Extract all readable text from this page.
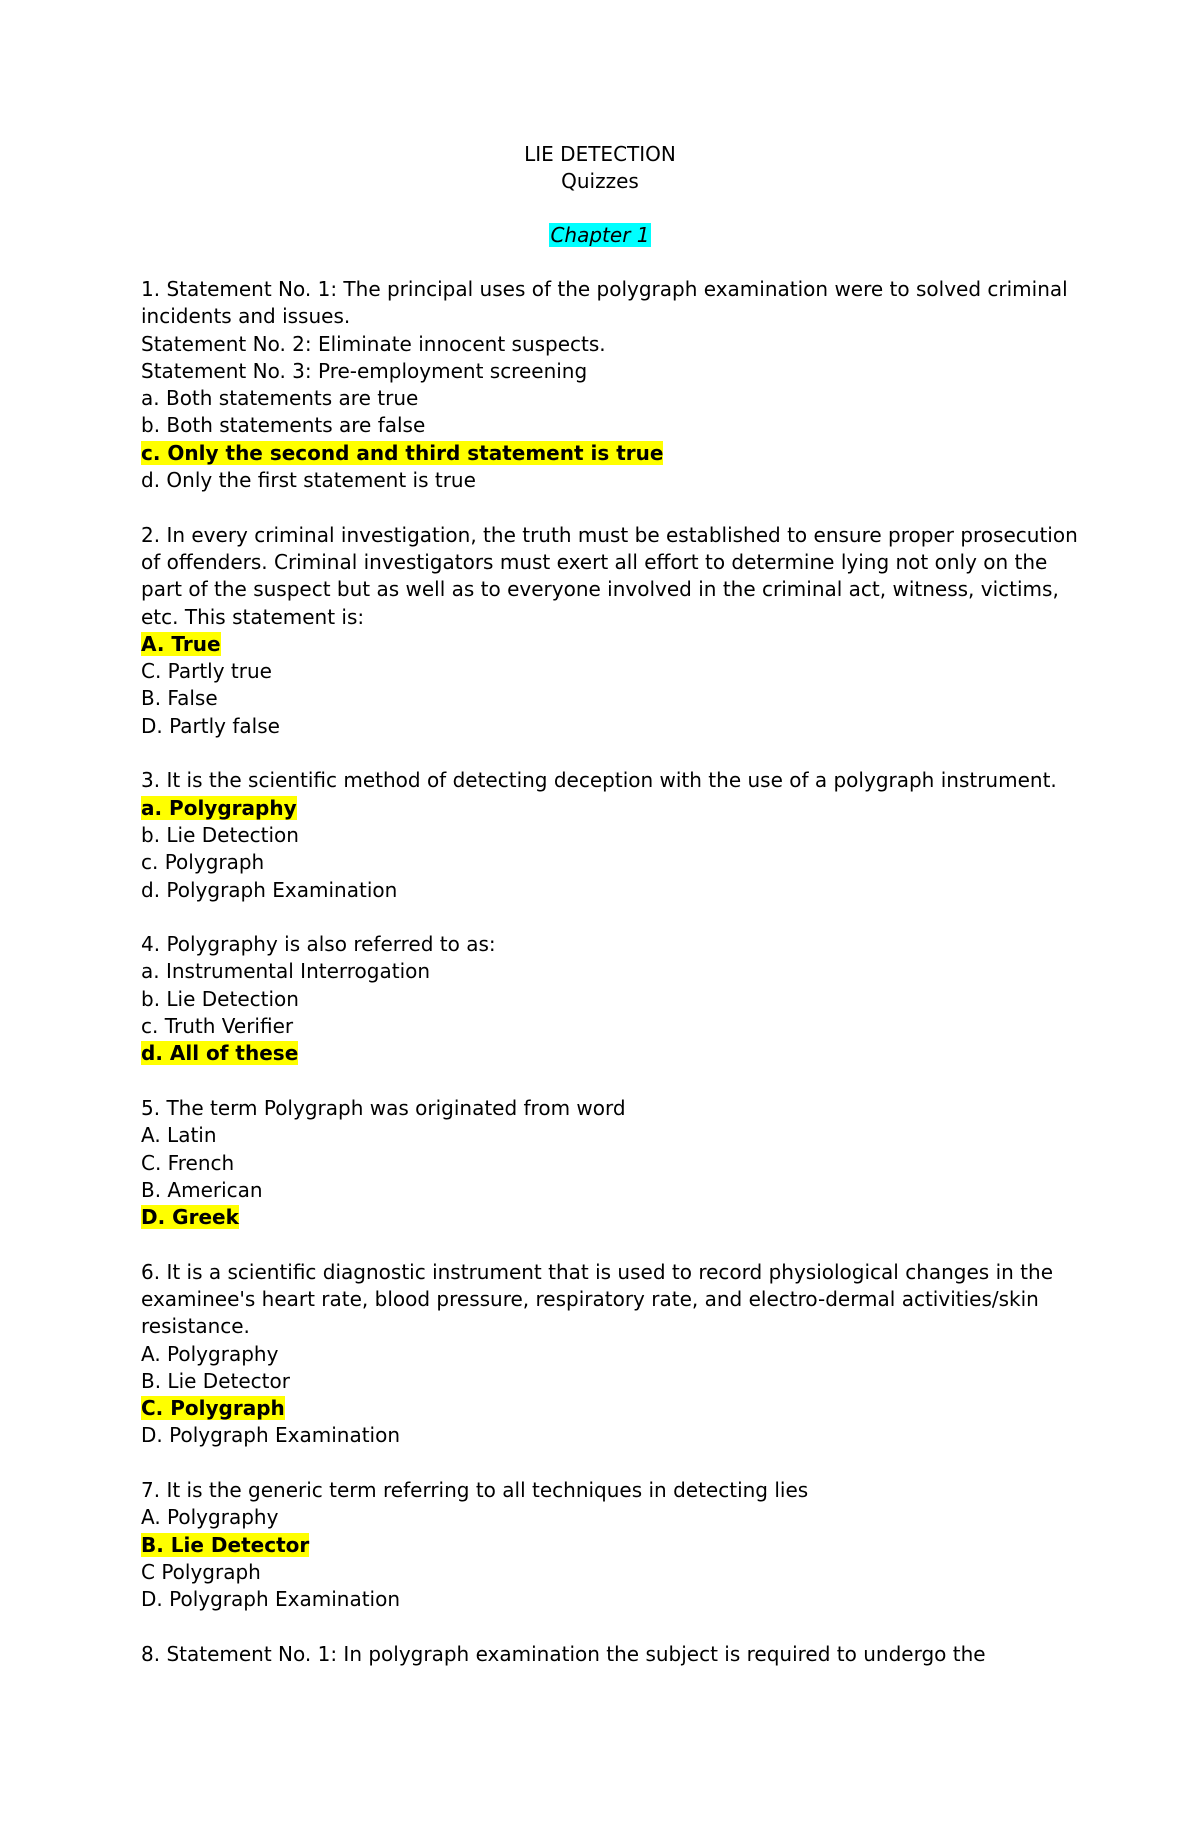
LIE DETECTION
Quizzes
Chapter 1
1. Statement No. 1: The principal uses of the polygraph examination were to solved criminal incidents and issues.
Statement No. 2: Eliminate innocent suspects.
Statement No. 3: Pre-employment screening
a. Both statements are true
b. Both statements are false
c. Only the second and third statement is true
d. Only the first statement is true
2. In every criminal investigation, the truth must be established to ensure proper prosecution of offenders. Criminal investigators must exert all effort to determine lying not only on the part of the suspect but as well as to everyone involved in the criminal act, witness, victims, etc. This statement is:
A. True
C. Partly true
B. False
D. Partly false
3. It is the scientific method of detecting deception with the use of a polygraph instrument.
a. Polygraphy
b. Lie Detection
c. Polygraph
d. Polygraph Examination
4. Polygraphy is also referred to as:
a. Instrumental Interrogation
b. Lie Detection
c. Truth Verifier
d. All of these
5. The term Polygraph was originated from word
A. Latin
C. French
B. American
D. Greek
6. It is a scientific diagnostic instrument that is used to record physiological changes in the examinee's heart rate, blood pressure, respiratory rate, and electro-dermal activities/skin resistance.
A. Polygraphy
B. Lie Detector
C. Polygraph
D. Polygraph Examination
7. It is the generic term referring to all techniques in detecting lies
A. Polygraphy
B. Lie Detector
C Polygraph
D. Polygraph Examination
8. Statement No. 1: In polygraph examination the subject is required to undergo the
